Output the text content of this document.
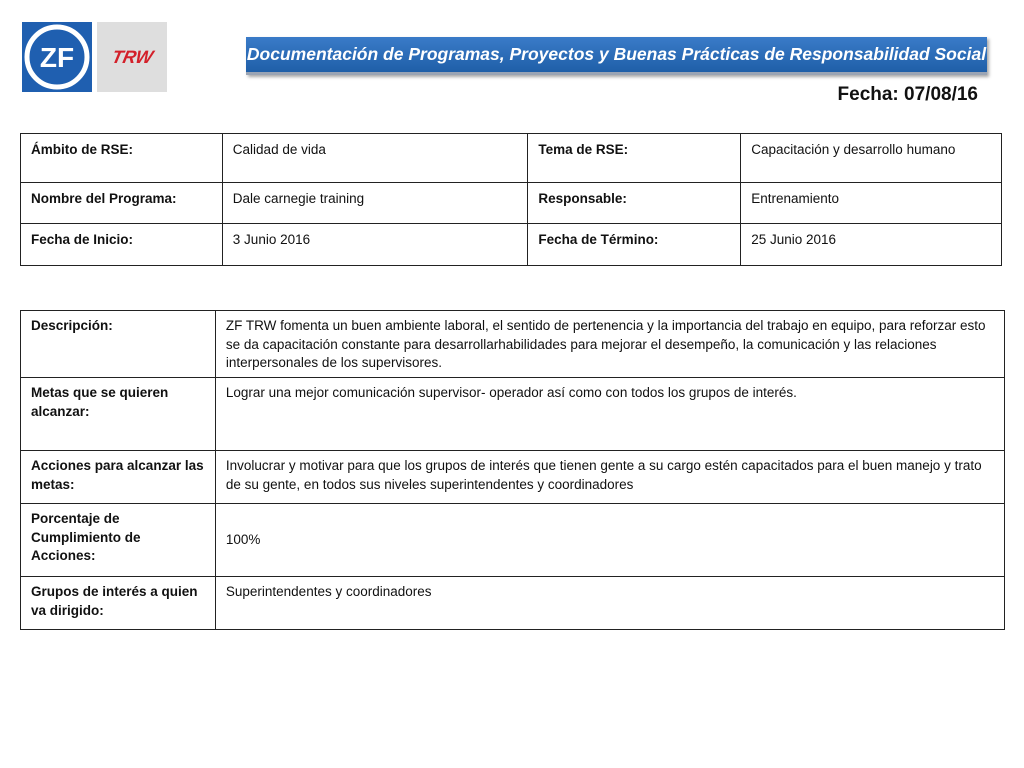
ZF TRW	Documentación de Programas, Proyectos y Buenas Prácticas de Responsabilidad Social
Fecha: 07/08/16
Ámbito de RSE:	Calidad de vida	Tema de RSE:	Capacitación y desarrollo humano
Nombre del Programa:	Dale carnegie training	Responsable:	Entrenamiento
Fecha de Inicio:	3 Junio 2016	Fecha de Término:	25 Junio 2016
Descripción:	ZF TRW fomenta un buen ambiente laboral, el sentido de pertenencia y la importancia del trabajo en equipo, para reforzar esto se da capacitación constante para desarrollarhabilidades para mejorar el desempeño, la comunicación y las relaciones interpersonales de los supervisores.
Metas que se quieren alcanzar:	Lograr una mejor comunicación supervisor- operador así como con todos los grupos de interés.
Acciones para alcanzar las metas:	Involucrar y motivar para que los grupos de interés que tienen gente a su cargo estén capacitados para el buen manejo y trato de su gente, en todos sus niveles superintendentes y coordinadores
Porcentaje de Cumplimiento de Acciones:	100%
Grupos de interés a quien va dirigido:	Superintendentes y coordinadores
